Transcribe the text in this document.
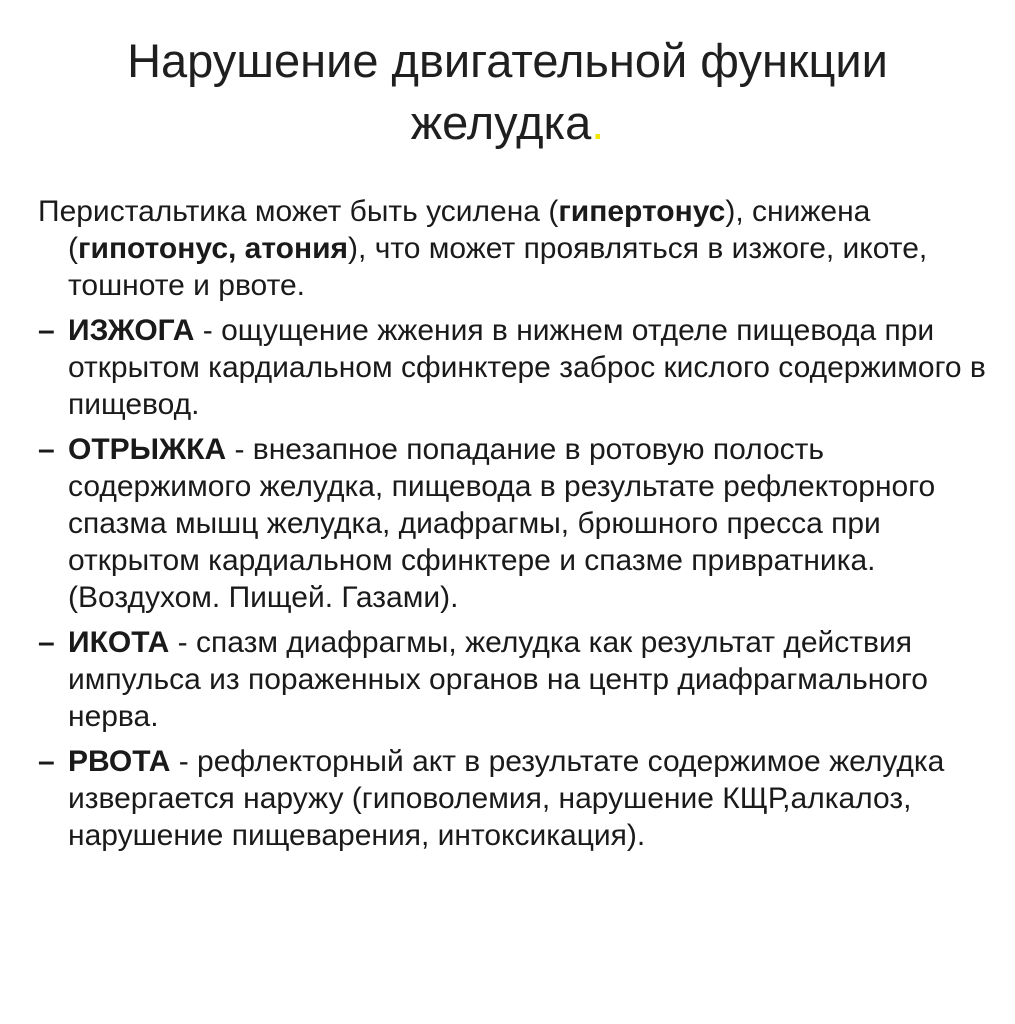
Нарушение двигательной функции
желудка.

Перистальтика может быть усилена (гипертонус), снижена (гипотонус, атония), что может проявляться в изжоге, икоте, тошноте и рвоте.

– ИЗЖОГА - ощущение жжения в нижнем отделе пищевода при открытом кардиальном сфинктере заброс кислого содержимого в пищевод.
– ОТРЫЖКА - внезапное попадание в ротовую полость содержимого желудка, пищевода в результате рефлекторного спазма мышц желудка, диафрагмы, брюшного пресса при открытом кардиальном сфинктере и спазме привратника. (Воздухом. Пищей. Газами).
– ИКОТА - спазм диафрагмы, желудка как результат действия импульса из пораженных органов на центр диафрагмального нерва.
– РВОТА - рефлекторный акт в результате содержимое желудка извергается наружу (гиповолемия, нарушение КЩР,алкалоз, нарушение пищеварения, интоксикация).
